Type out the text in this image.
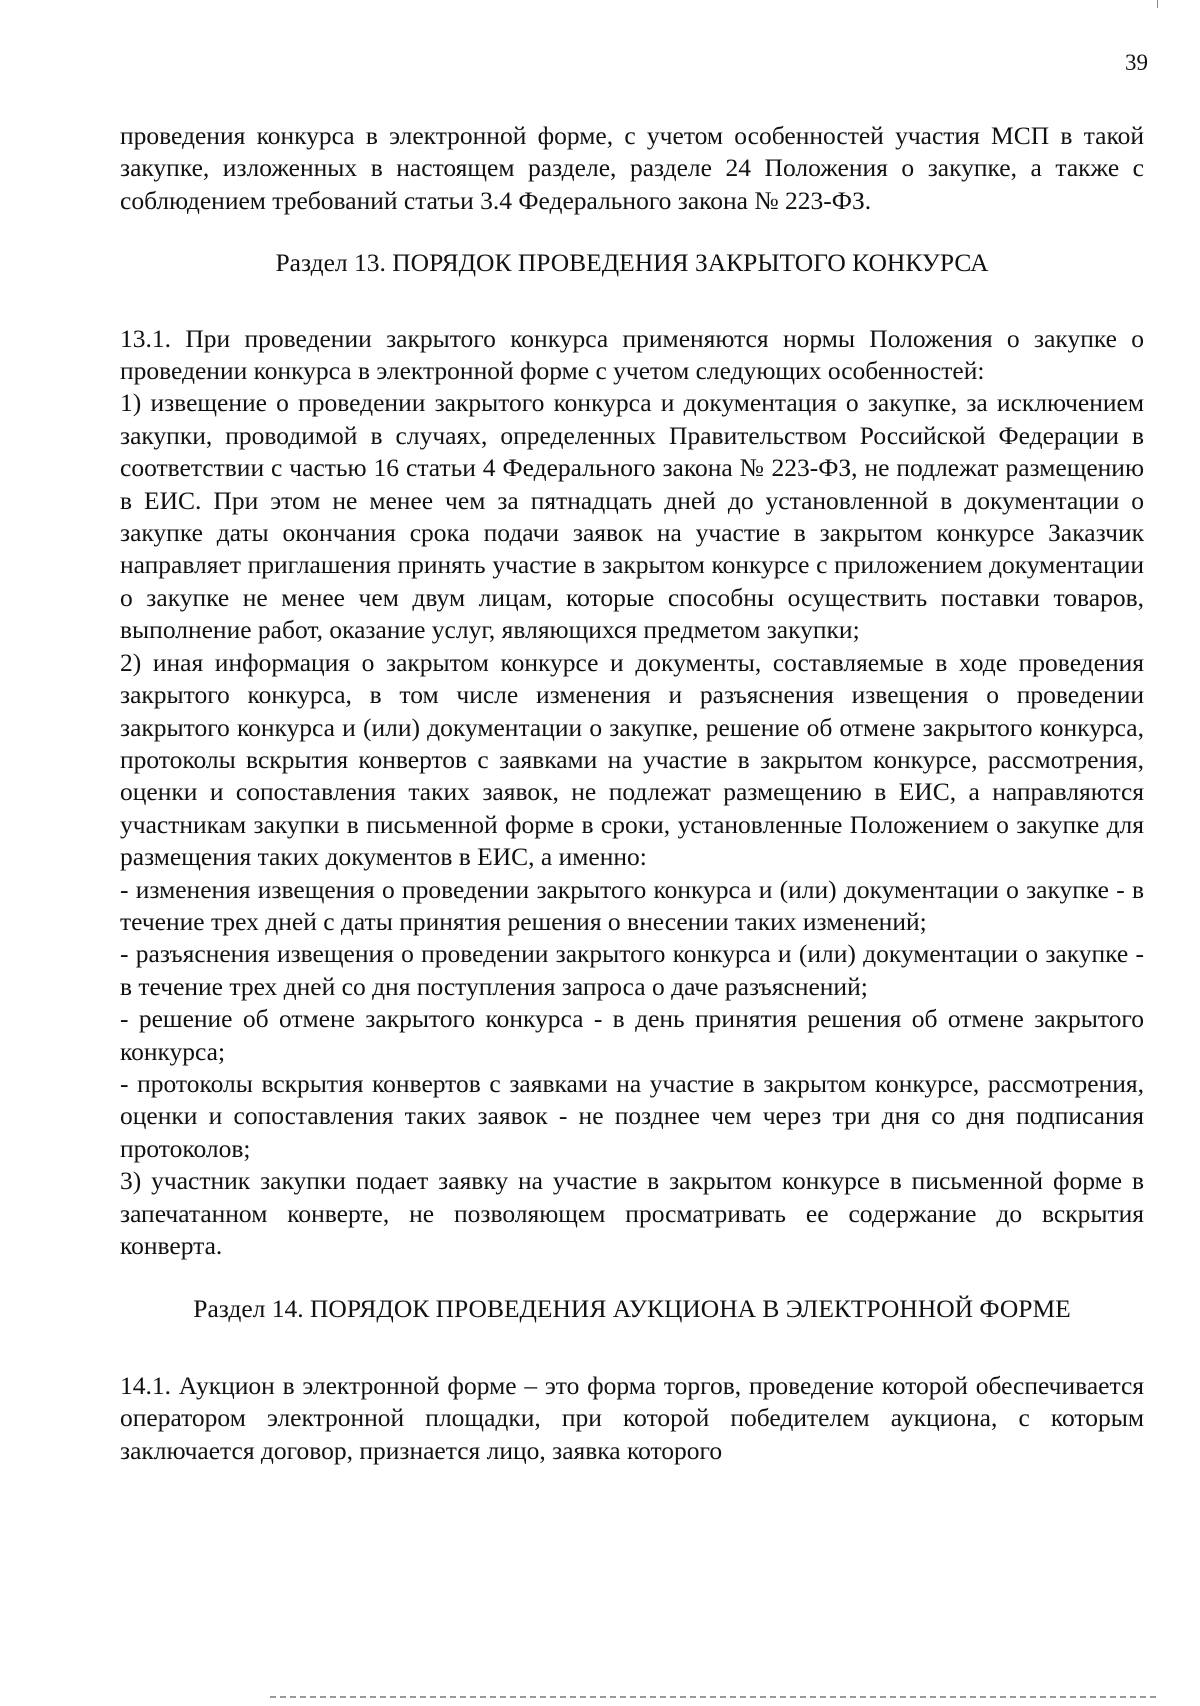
39

проведения конкурса в электронной форме, с учетом особенностей участия МСП в такой закупке, изложенных в настоящем разделе, разделе 24 Положения о закупке, а также с соблюдением требований статьи 3.4 Федерального закона № 223-ФЗ.

Раздел 13. ПОРЯДОК ПРОВЕДЕНИЯ ЗАКРЫТОГО КОНКУРСА

13.1. При проведении закрытого конкурса применяются нормы Положения о закупке о проведении конкурса в электронной форме с учетом следующих особенностей:

1) извещение о проведении закрытого конкурса и документация о закупке, за исключением закупки, проводимой в случаях, определенных Правительством Российской Федерации в соответствии с частью 16 статьи 4 Федерального закона № 223-ФЗ, не подлежат размещению в ЕИС. При этом не менее чем за пятнадцать дней до установленной в документации о закупке даты окончания срока подачи заявок на участие в закрытом конкурсе Заказчик направляет приглашения принять участие в закрытом конкурсе с приложением документации о закупке не менее чем двум лицам, которые способны осуществить поставки товаров, выполнение работ, оказание услуг, являющихся предметом закупки;

2) иная информация о закрытом конкурсе и документы, составляемые в ходе проведения закрытого конкурса, в том числе изменения и разъяснения извещения о проведении закрытого конкурса и (или) документации о закупке, решение об отмене закрытого конкурса, протоколы вскрытия конвертов с заявками на участие в закрытом конкурсе, рассмотрения, оценки и сопоставления таких заявок, не подлежат размещению в ЕИС, а направляются участникам закупки в письменной форме в сроки, установленные Положением о закупке для размещения таких документов в ЕИС, а именно:

- изменения извещения о проведении закрытого конкурса и (или) документации о закупке - в течение трех дней с даты принятия решения о внесении таких изменений;

- разъяснения извещения о проведении закрытого конкурса и (или) документации о закупке - в течение трех дней со дня поступления запроса о даче разъяснений;

- решение об отмене закрытого конкурса - в день принятия решения об отмене закрытого конкурса;

- протоколы вскрытия конвертов с заявками на участие в закрытом конкурсе, рассмотрения, оценки и сопоставления таких заявок - не позднее чем через три дня со дня подписания протоколов;

3) участник закупки подает заявку на участие в закрытом конкурсе в письменной форме в запечатанном конверте, не позволяющем просматривать ее содержание до вскрытия конверта.

Раздел 14. ПОРЯДОК ПРОВЕДЕНИЯ АУКЦИОНА В ЭЛЕКТРОННОЙ ФОРМЕ

14.1. Аукцион в электронной форме – это форма торгов, проведение которой обеспечивается оператором электронной площадки, при которой победителем аукциона, с которым заключается договор, признается лицо, заявка которого
